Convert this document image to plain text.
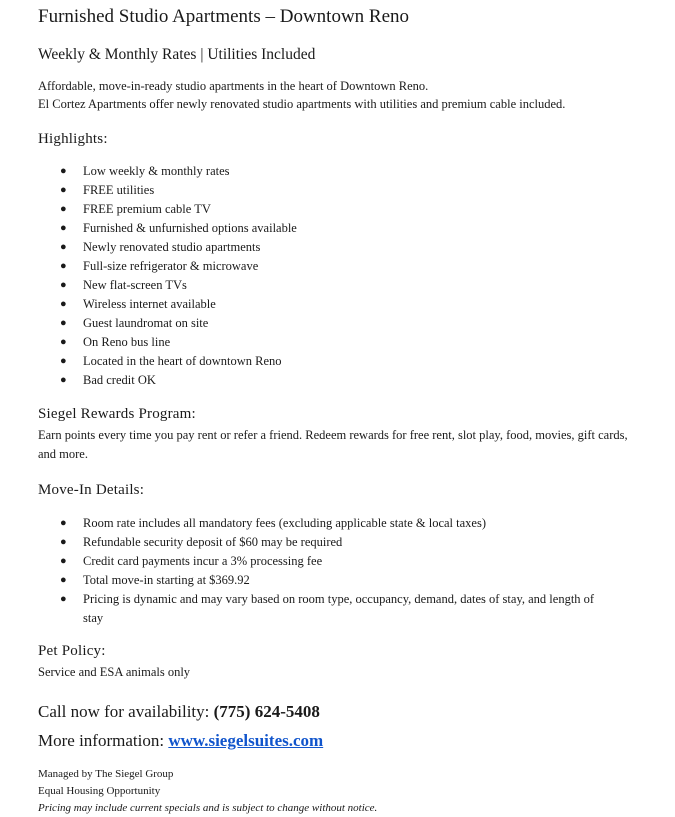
Furnished Studio Apartments – Downtown Reno
Weekly & Monthly Rates | Utilities Included

Affordable, move-in-ready studio apartments in the heart of Downtown Reno.

El Cortez Apartments offer newly renovated studio apartments with utilities and premium cable included.

Highlights:
● Low weekly & monthly rates
● FREE utilities
● FREE premium cable TV
● Furnished & unfurnished options available
● Newly renovated studio apartments
● Full-size refrigerator & microwave
● New flat-screen TVs
● Wireless internet available
● Guest laundromat on site
● On Reno bus line
● Located in the heart of downtown Reno
● Bad credit OK
Siegel Rewards Program:

Earn points every time you pay rent or refer a friend. Redeem rewards for free rent, slot play, food, movies, gift cards, and more.

Move-In Details:
● Room rate includes all mandatory fees (excluding applicable state & local taxes)
● Refundable security deposit of $60 may be required
● Credit card payments incur a 3% processing fee
● Total move-in starting at $369.92
● Pricing is dynamic and may vary based on room type, occupancy, demand, dates of stay, and length of stay
Pet Policy:

Service and ESA animals only

Call now for availability: (775) 624-5408
More information: www.siegelsuites.com
Managed by The Siegel Group
Equal Housing Opportunity
Pricing may include current specials and is subject to change without notice.
